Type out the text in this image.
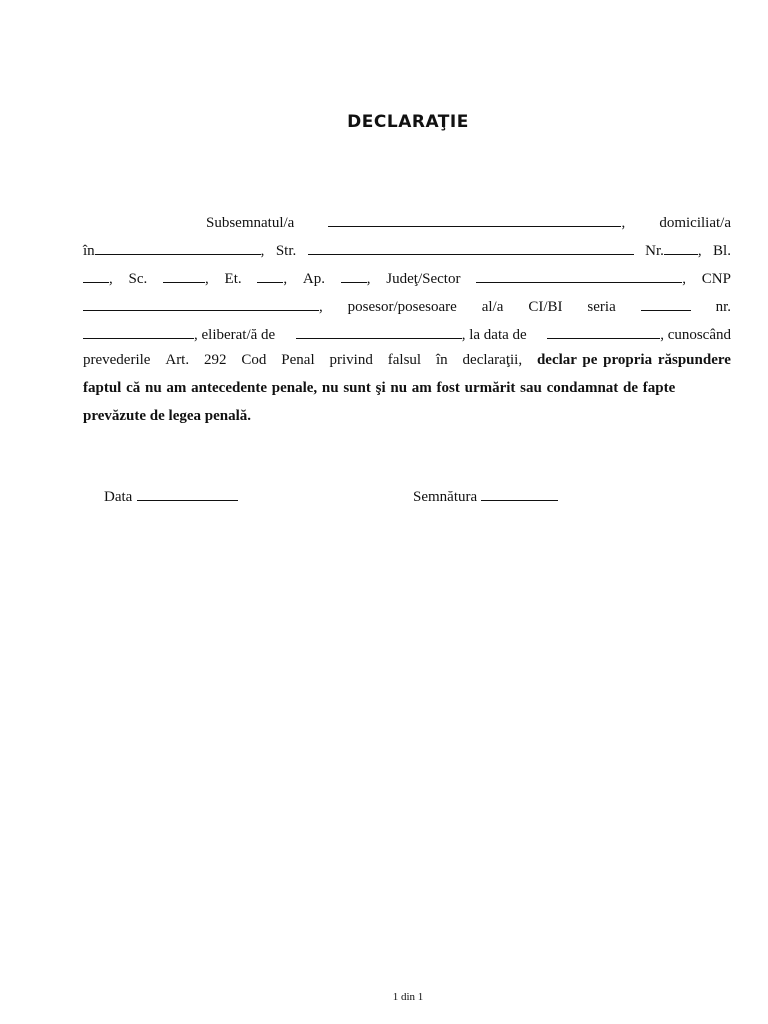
DECLARAŢIE
Subsemnatul/a	, domiciliat/a
în	, Str.	Nr. , Bl.
, Sc.	, Et.	, Ap.	, Judeţ/Sector	, CNP
, posesor/posesoare al/a CI/BI seria	nr.
, eliberat/ă de	, la data de	, cunoscând
prevederile Art. 292 Cod Penal privind falsul în declaraţii, declar pe propria răspundere
faptul că nu am antecedente penale, nu sunt şi nu am fost urmărit sau condamnat de fapte
prevăzute de legea penală.
Data	Semnătura
1 din 1
